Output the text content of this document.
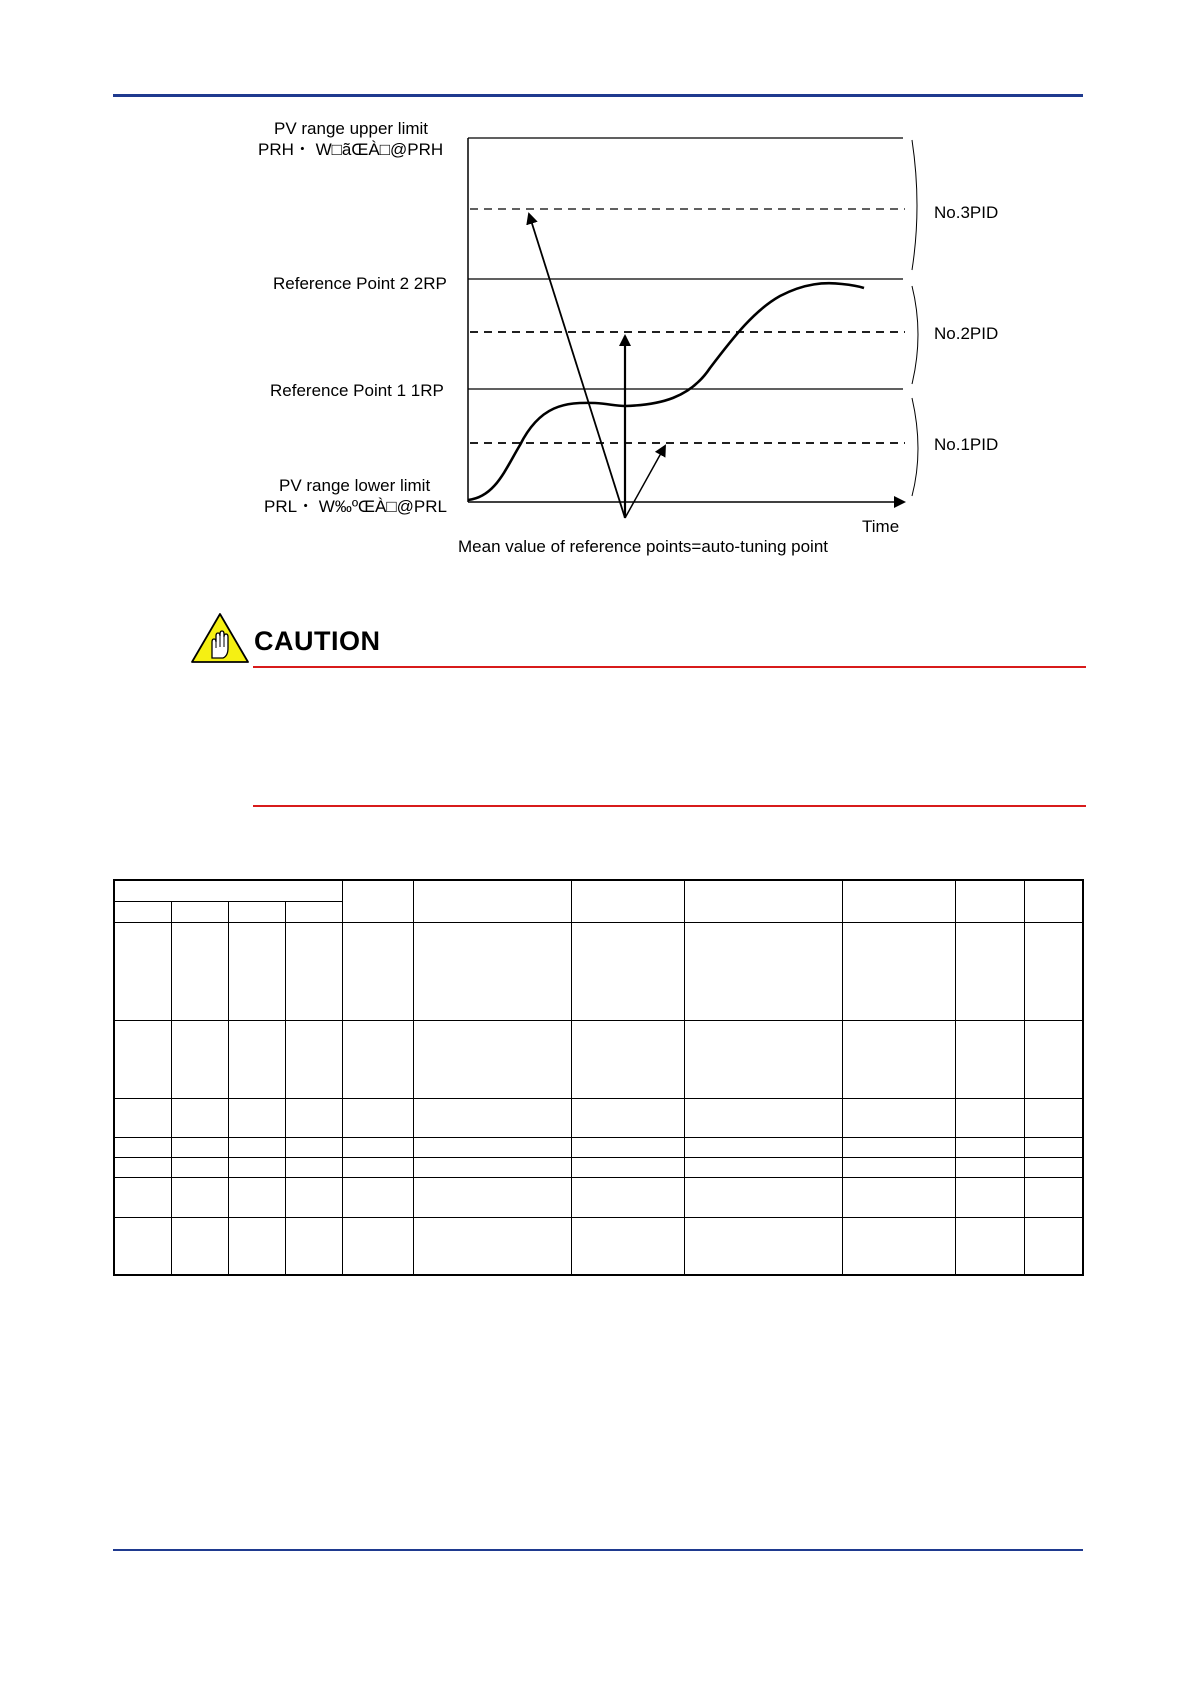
PV range upper limit
PRH・ W□ãŒÀ□@PRH
Reference Point 2 2RP
Reference Point 1 1RP
PV range lower limit
PRL・ W‰ºŒÀ□@PRL
No.3PID
No.2PID
No.1PID
Time
Mean value of reference points=auto-tuning point
CAUTION
